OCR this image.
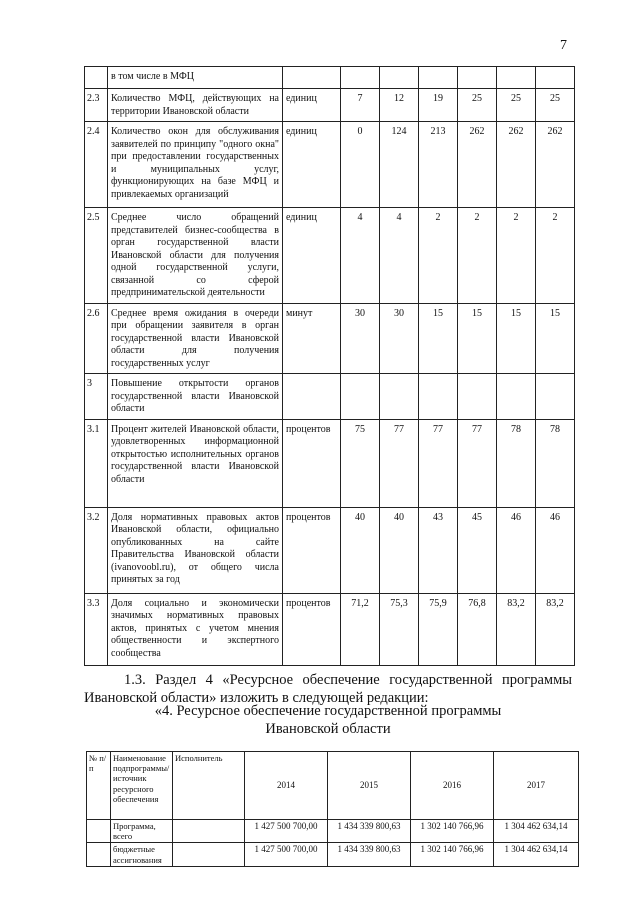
7
	в том числе в МФЦ							
2.3	Количество МФЦ, действующих на территории Ивановской области	единиц	7	12	19	25	25	25
2.4	Количество окон для обслуживания заявителей по принципу "одного окна" при предоставлении государственных и муниципальных услуг, функционирующих на базе МФЦ и привлекаемых организаций	единиц	0	124	213	262	262	262
2.5	Среднее число обращений представителей бизнес-сообщества в орган государственной власти Ивановской области для получения одной государственной услуги, связанной со сферой предпринимательской деятельности	единиц	4	4	2	2	2	2
2.6	Среднее время ожидания в очереди при обращении заявителя в орган государственной власти Ивановской области для получения государственных услуг	минут	30	30	15	15	15	15
3	Повышение открытости органов государственной власти Ивановской области							
3.1	Процент жителей Ивановской области, удовлетворенных информационной открытостью исполнительных органов государственной власти Ивановской области	процентов	75	77	77	77	78	78
3.2	Доля нормативных правовых актов Ивановской области, официально опубликованных на сайте Правительства Ивановской области (ivanovoobl.ru), от общего числа принятых за год	процентов	40	40	43	45	46	46
3.3	Доля социально и экономически значимых нормативных правовых актов, принятых с учетом мнения общественности и экспертного сообщества	процентов	71,2	75,3	75,9	76,8	83,2	83,2
1.3. Раздел 4 «Ресурсное обеспечение государственной программы Ивановской области» изложить в следующей редакции:
«4. Ресурсное обеспечение государственной программы
Ивановской области
№ п/п	Наименование подпрограммы/ источник ресурсного обеспечения	Исполнитель	2014	2015	2016	2017
	Программа, всего		1 427 500 700,00	1 434 339 800,63	1 302 140 766,96	1 304 462 634,14
	бюджетные ассигнования		1 427 500 700,00	1 434 339 800,63	1 302 140 766,96	1 304 462 634,14
